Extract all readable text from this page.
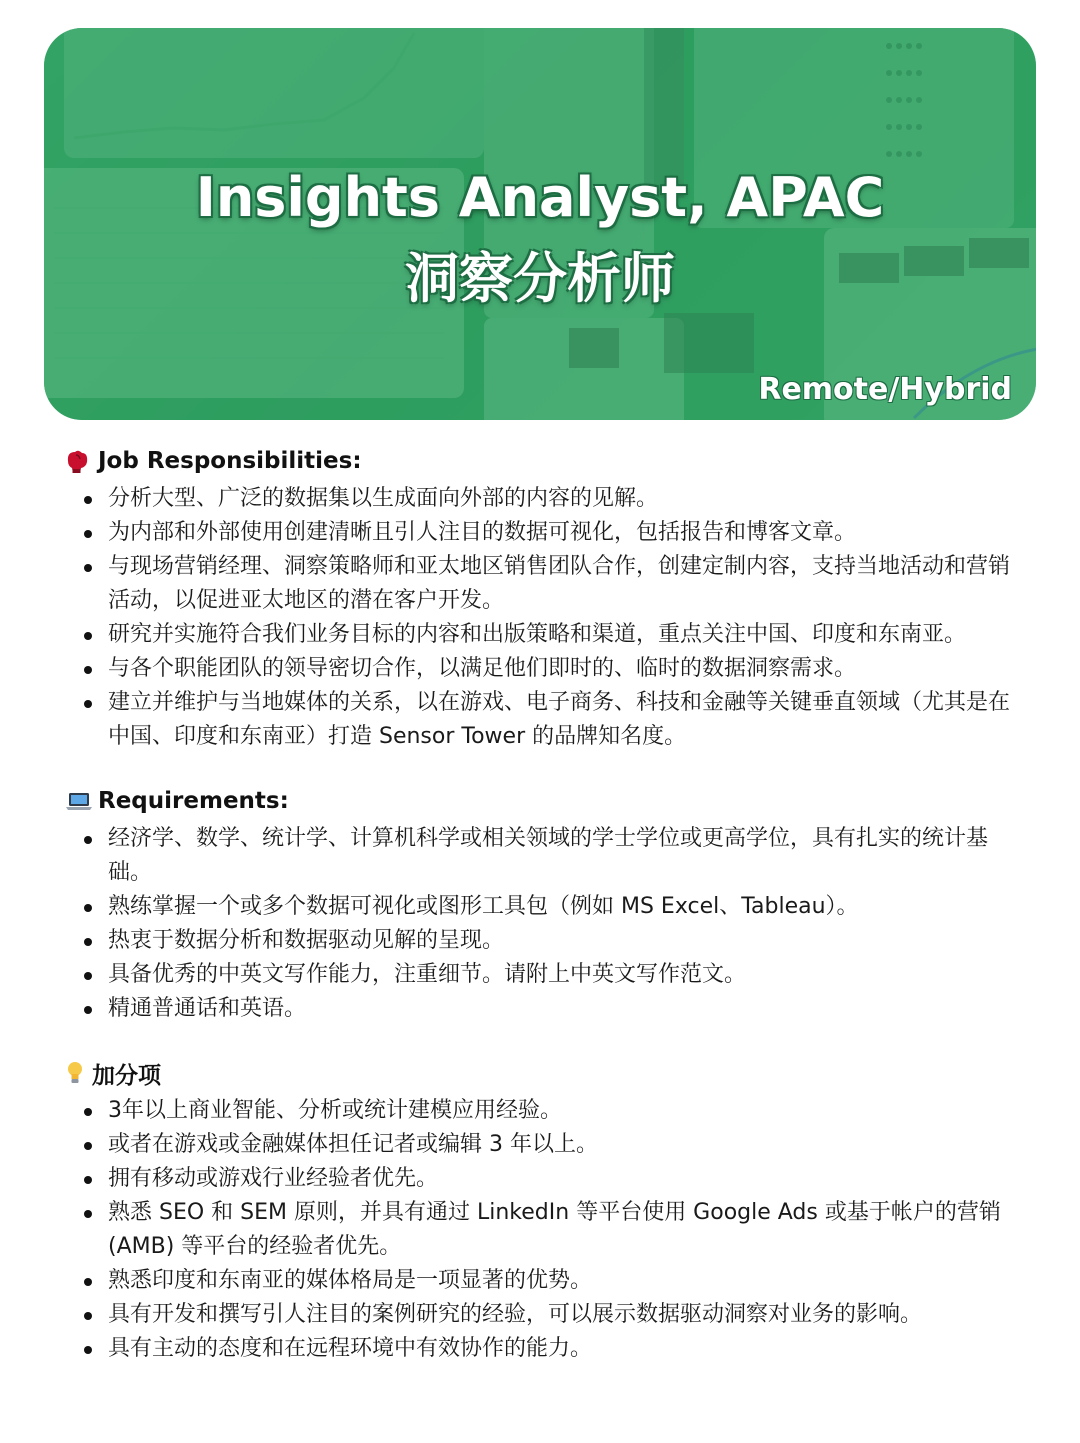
Insights Analyst, APAC
洞察分析师
Remote/Hybrid
Job Responsibilities:
分析大型、广泛的数据集以生成面向外部的内容的见解。
为内部和外部使用创建清晰且引人注目的数据可视化，包括报告和博客文章。
与现场营销经理、洞察策略师和亚太地区销售团队合作，创建定制内容，支持当地活动和营销活动，以促进亚太地区的潜在客户开发。
研究并实施符合我们业务目标的内容和出版策略和渠道，重点关注中国、印度和东南亚。
与各个职能团队的领导密切合作，以满足他们即时的、临时的数据洞察需求。
建立并维护与当地媒体的关系，以在游戏、电子商务、科技和金融等关键垂直领域（尤其是在中国、印度和东南亚）打造 Sensor Tower 的品牌知名度。
Requirements:
经济学、数学、统计学、计算机科学或相关领域的学士学位或更高学位，具有扎实的统计基础。
熟练掌握一个或多个数据可视化或图形工具包（例如 MS Excel、Tableau）。
热衷于数据分析和数据驱动见解的呈现。
具备优秀的中英文写作能力，注重细节。请附上中英文写作范文。
精通普通话和英语。
加分项
3年以上商业智能、分析或统计建模应用经验。
或者在游戏或金融媒体担任记者或编辑 3 年以上。
拥有移动或游戏行业经验者优先。
熟悉 SEO 和 SEM 原则，并具有通过 LinkedIn 等平台使用 Google Ads 或基于帐户的营销 (AMB) 等平台的经验者优先。
熟悉印度和东南亚的媒体格局是一项显著的优势。
具有开发和撰写引人注目的案例研究的经验，可以展示数据驱动洞察对业务的影响。
具有主动的态度和在远程环境中有效协作的能力。
